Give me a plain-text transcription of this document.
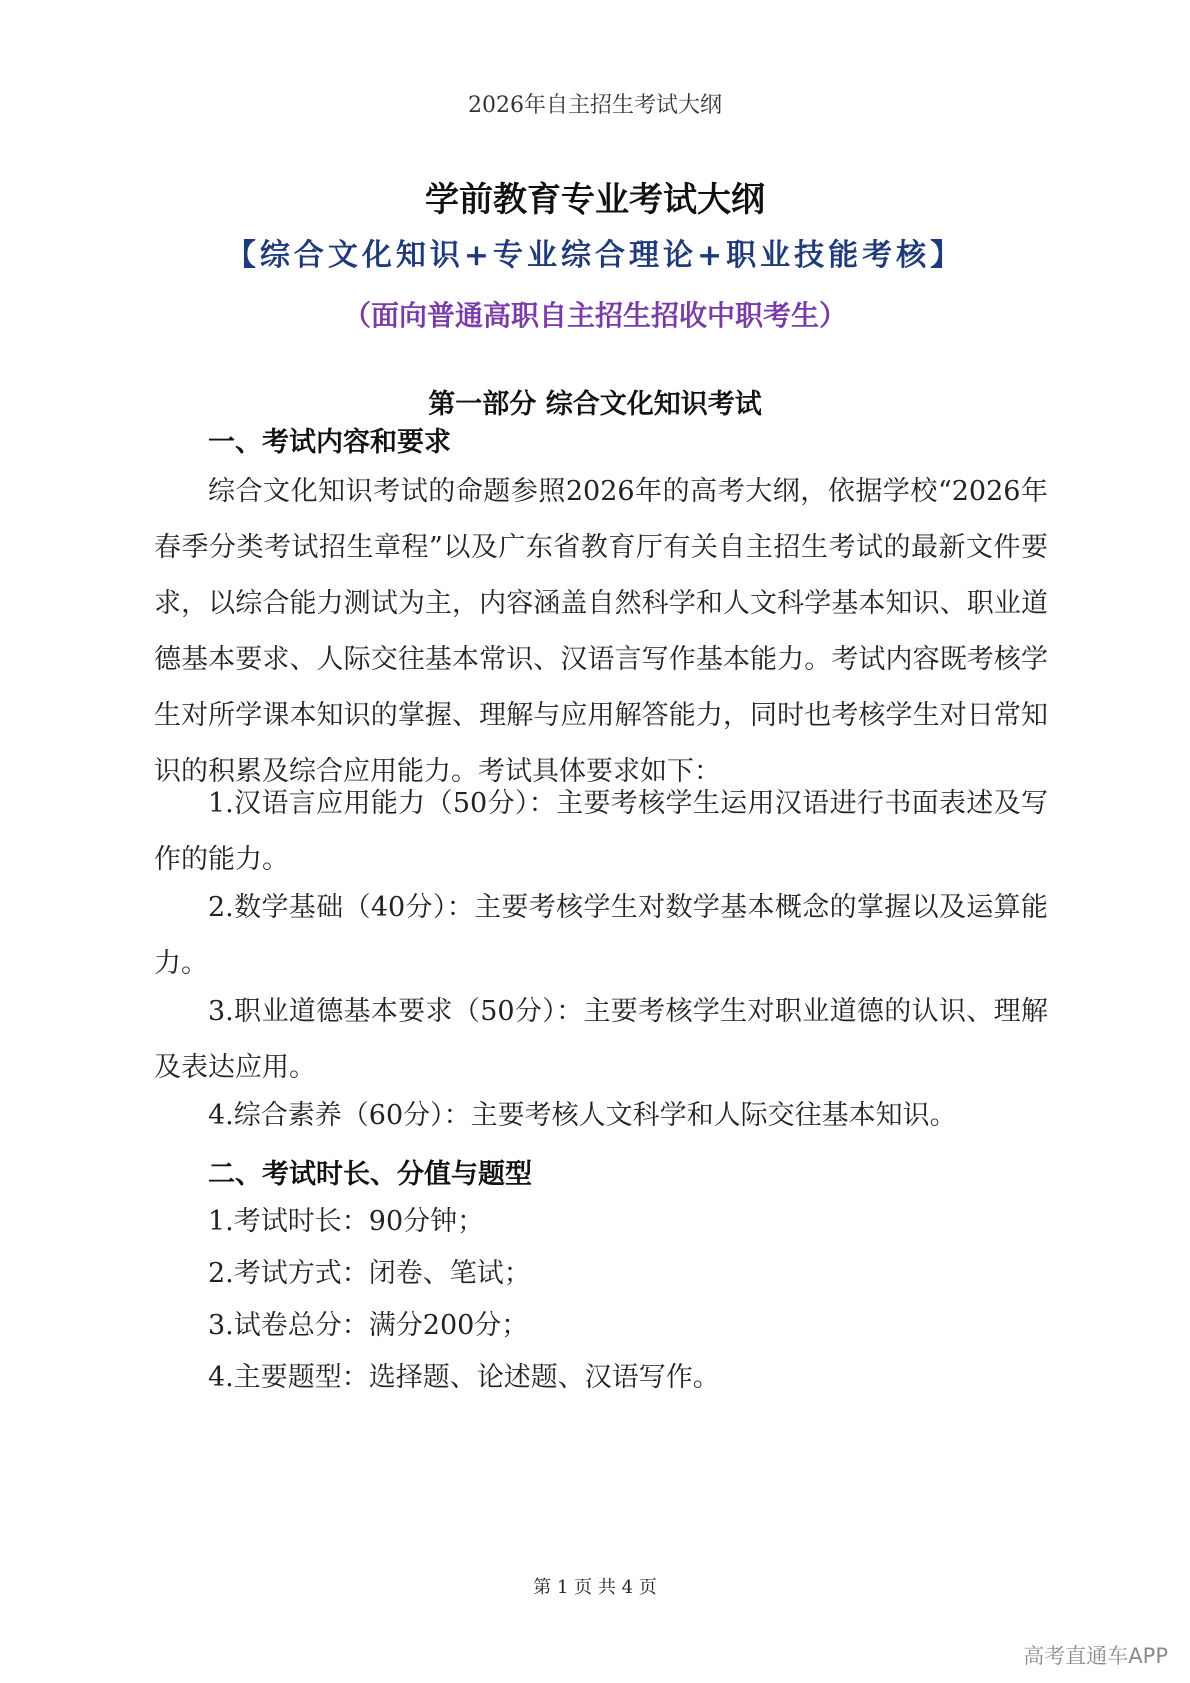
2026年自主招生考试大纲
学前教育专业考试大纲
【综合文化知识+专业综合理论+职业技能考核】
（面向普通高职自主招生招收中职考生）
第一部分 综合文化知识考试
一、考试内容和要求
综合文化知识考试的命题参照2026年的高考大纲，依据学校“2026年春季分类考试招生章程”以及广东省教育厅有关自主招生考试的最新文件要求，以综合能力测试为主，内容涵盖自然科学和人文科学基本知识、职业道德基本要求、人际交往基本常识、汉语言写作基本能力。考试内容既考核学生对所学课本知识的掌握、理解与应用解答能力，同时也考核学生对日常知识的积累及综合应用能力。考试具体要求如下：
1.汉语言应用能力（50分）：主要考核学生运用汉语进行书面表述及写作的能力。
2.数学基础（40分）：主要考核学生对数学基本概念的掌握以及运算能力。
3.职业道德基本要求（50分）：主要考核学生对职业道德的认识、理解及表达应用。
4.综合素养（60分）：主要考核人文科学和人际交往基本知识。
二、考试时长、分值与题型
1.考试时长：90分钟；
2.考试方式：闭卷、笔试；
3.试卷总分：满分200分；
4.主要题型：选择题、论述题、汉语写作。
第 1 页 共 4 页
高考直通车APP
